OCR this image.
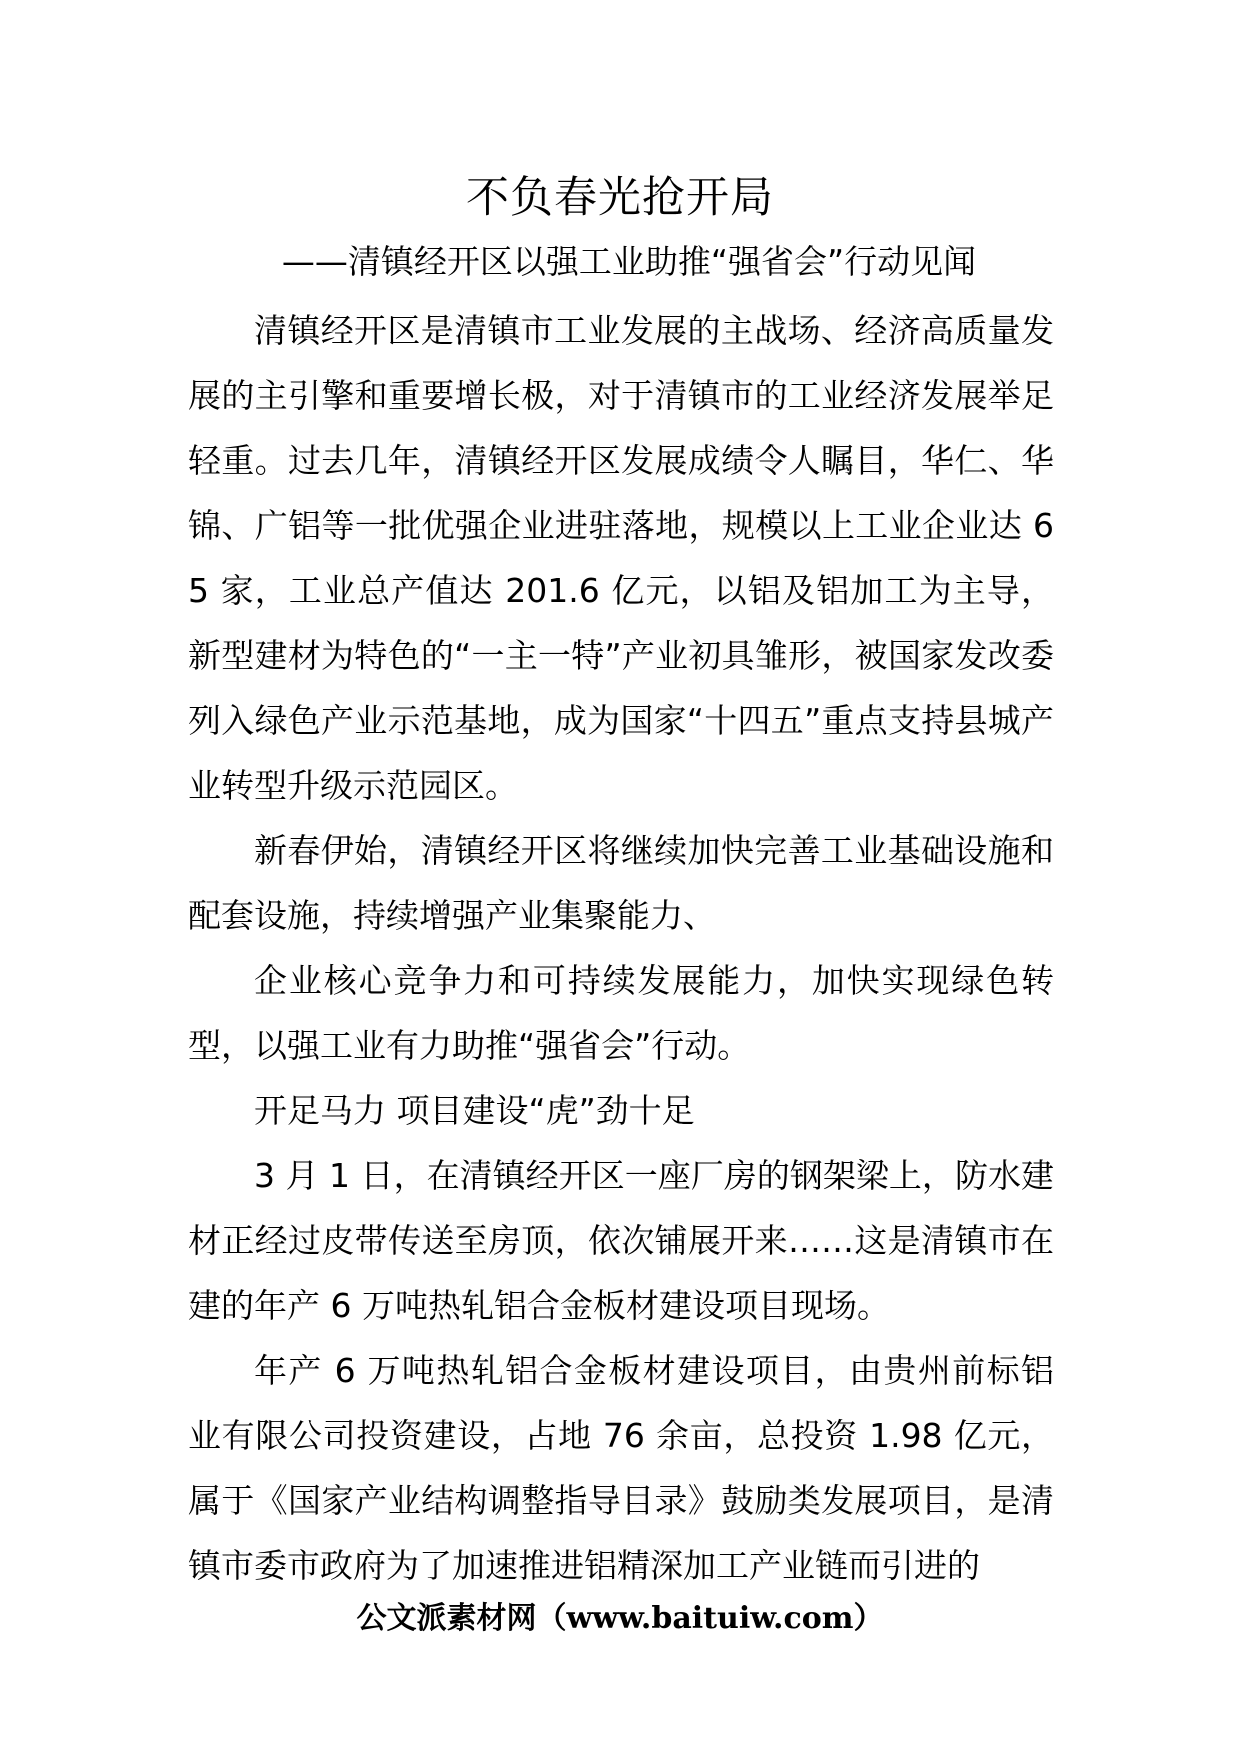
不负春光抢开局
——清镇经开区以强工业助推“强省会”行动见闻

清镇经开区是清镇市工业发展的主战场、经济高质量发展的主引擎和重要增长极，对于清镇市的工业经济发展举足轻重。过去几年，清镇经开区发展成绩令人瞩目，华仁、华锦、广铝等一批优强企业进驻落地，规模以上工业企业达 65 家，工业总产值达 201.6 亿元，以铝及铝加工为主导，新型建材为特色的“一主一特”产业初具雏形，被国家发改委列入绿色产业示范基地，成为国家“十四五”重点支持县城产业转型升级示范园区。

新春伊始，清镇经开区将继续加快完善工业基础设施和配套设施，持续增强产业集聚能力、

企业核心竞争力和可持续发展能力，加快实现绿色转型，以强工业有力助推“强省会”行动。

开足马力 项目建设“虎”劲十足

3 月 1 日，在清镇经开区一座厂房的钢架梁上，防水建材正经过皮带传送至房顶，依次铺展开来……这是清镇市在建的年产 6 万吨热轧铝合金板材建设项目现场。

年产 6 万吨热轧铝合金板材建设项目，由贵州前标铝业有限公司投资建设，占地 76 余亩，总投资 1.98 亿元，属于《国家产业结构调整指导目录》鼓励类发展项目，是清镇市委市政府为了加速推进铝精深加工产业链而引进的

公文派素材网（www.baituiw.com）
